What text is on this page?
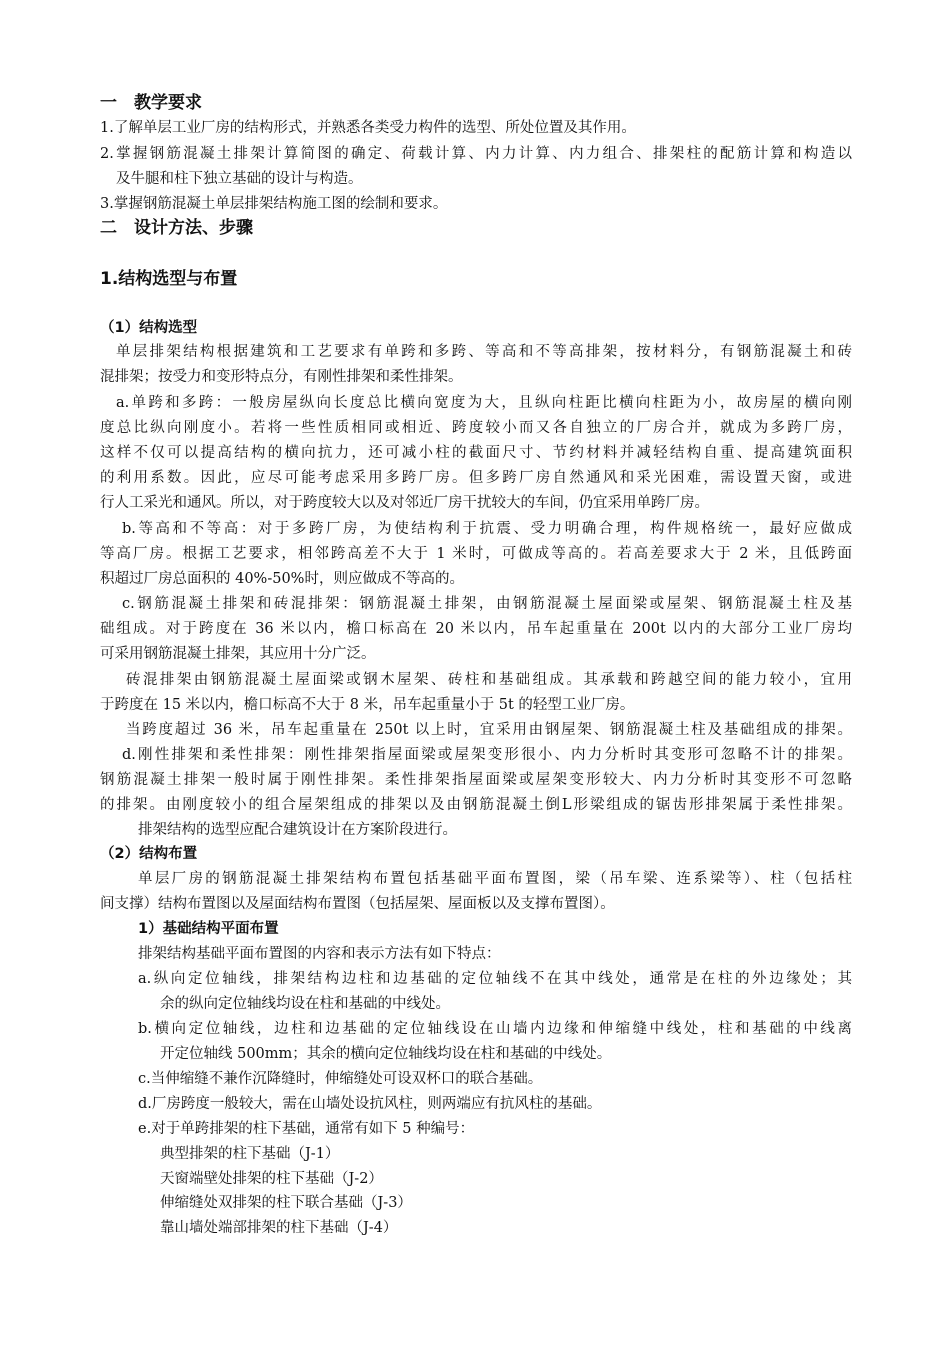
一　教学要求
1.了解单层工业厂房的结构形式，并熟悉各类受力构件的选型、所处位置及其作用。
2.掌握钢筋混凝土排架计算简图的确定、荷载计算、内力计算、内力组合、排架柱的配筋计算和构造以
及牛腿和柱下独立基础的设计与构造。
3.掌握钢筋混凝土单层排架结构施工图的绘制和要求。
二　设计方法、步骤
1.结构选型与布置
（1）结构选型
单层排架结构根据建筑和工艺要求有单跨和多跨、等高和不等高排架，按材料分，有钢筋混凝土和砖
混排架；按受力和变形特点分，有刚性排架和柔性排架。
a.单跨和多跨：一般房屋纵向长度总比横向宽度为大，且纵向柱距比横向柱距为小，故房屋的横向刚
度总比纵向刚度小。若将一些性质相同或相近、跨度较小而又各自独立的厂房合并，就成为多跨厂房，
这样不仅可以提高结构的横向抗力，还可减小柱的截面尺寸、节约材料并减轻结构自重、提高建筑面积
的利用系数。因此，应尽可能考虑采用多跨厂房。但多跨厂房自然通风和采光困难，需设置天窗，或进
行人工采光和通风。所以，对于跨度较大以及对邻近厂房干扰较大的车间，仍宜采用单跨厂房。
b.等高和不等高：对于多跨厂房，为使结构利于抗震、受力明确合理，构件规格统一，最好应做成
等高厂房。根据工艺要求，相邻跨高差不大于 1 米时，可做成等高的。若高差要求大于 2 米，且低跨面
积超过厂房总面积的 40%-50%时，则应做成不等高的。
c.钢筋混凝土排架和砖混排架：钢筋混凝土排架，由钢筋混凝土屋面梁或屋架、钢筋混凝土柱及基
础组成。对于跨度在 36 米以内，檐口标高在 20 米以内，吊车起重量在 200t 以内的大部分工业厂房均
可采用钢筋混凝土排架，其应用十分广泛。
砖混排架由钢筋混凝土屋面梁或钢木屋架、砖柱和基础组成。其承载和跨越空间的能力较小，宜用
于跨度在 15 米以内，檐口标高不大于 8 米，吊车起重量小于 5t 的轻型工业厂房。
当跨度超过 36 米，吊车起重量在 250t 以上时，宜采用由钢屋架、钢筋混凝土柱及基础组成的排架。
d.刚性排架和柔性排架：刚性排架指屋面梁或屋架变形很小、内力分析时其变形可忽略不计的排架。
钢筋混凝土排架一般时属于刚性排架。柔性排架指屋面梁或屋架变形较大、内力分析时其变形不可忽略
的排架。由刚度较小的组合屋架组成的排架以及由钢筋混凝土倒L形梁组成的锯齿形排架属于柔性排架。
排架结构的选型应配合建筑设计在方案阶段进行。
（2）结构布置
单层厂房的钢筋混凝土排架结构布置包括基础平面布置图，梁（吊车梁、连系梁等）、柱（包括柱
间支撑）结构布置图以及屋面结构布置图（包括屋架、屋面板以及支撑布置图）。
1）基础结构平面布置
排架结构基础平面布置图的内容和表示方法有如下特点：
a.纵向定位轴线，排架结构边柱和边基础的定位轴线不在其中线处，通常是在柱的外边缘处；其
余的纵向定位轴线均设在柱和基础的中线处。
b.横向定位轴线，边柱和边基础的定位轴线设在山墙内边缘和伸缩缝中线处，柱和基础的中线离
开定位轴线 500mm；其余的横向定位轴线均设在柱和基础的中线处。
c.当伸缩缝不兼作沉降缝时，伸缩缝处可设双杯口的联合基础。
d.厂房跨度一般较大，需在山墙处设抗风柱，则两端应有抗风柱的基础。
e.对于单跨排架的柱下基础，通常有如下 5 种编号：
典型排架的柱下基础（J-1）
天窗端壁处排架的柱下基础（J-2）
伸缩缝处双排架的柱下联合基础（J-3）
靠山墙处端部排架的柱下基础（J-4）
